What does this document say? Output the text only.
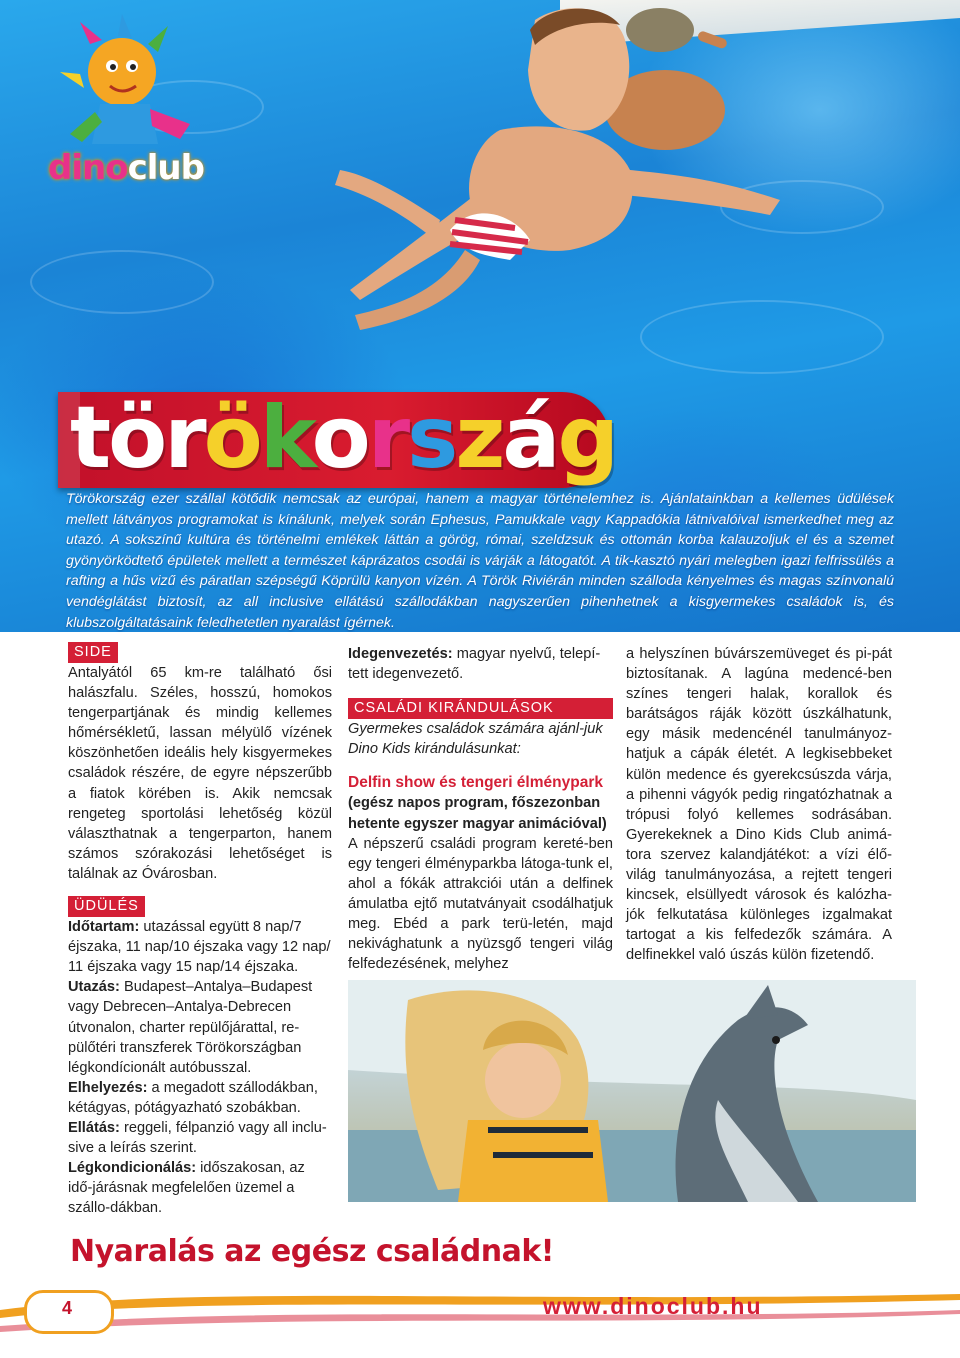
dinoclub
törökország
Törökország ezer szállal kötődik nemcsak az európai, hanem a magyar történelemhez is. Ajánlatainkban a kellemes üdülések mellett látványos programokat is kínálunk, melyek során Ephesus, Pamukkale vagy Kappadókia látnivalóival ismerkedhet meg az utazó. A sokszínű kultúra és történelmi emlékek láttán a görög, római, szeldzsuk és ottomán korba kalauzoljuk el és a szemet gyönyörködtető épületek mellett a természet káprázatos csodái is várják a látogatót. A tik-kasztó nyári melegben igazi felfrissülés a rafting a hűs vizű és páratlan szépségű Köprülü kanyon vízén. A Török Riviérán minden szálloda kényelmes és magas színvonalú vendéglátást biztosít, az all inclusive ellátású szállodákban nagyszerűen pihenhetnek a kisgyermekes családok is, és klubszolgáltatásaink feledhetetlen nyaralást ígérnek.
SIDE

Antalyától 65 km-re található ősi halászfalu. Széles, hosszú, homokos tengerpartjának és mindig kellemes hőmérsékletű, lassan mélyülő vízének köszönhetően ideális hely kisgyermekes családok részére, de egyre népszerűbb a fiatok körében is. Akik nemcsak rengeteg sportolási lehetőség közül választhatnak a tengerparton, hanem számos szórakozási lehetőséget is találnak az Óvárosban.

ÜDÜLÉS

Időtartam: utazással együtt 8 nap/7 éjszaka, 11 nap/10 éjszaka vagy 12 nap/ 11 éjszaka vagy 15 nap/14 éjszaka.

Utazás: Budapest–Antalya–Budapest vagy Debrecen–Antalya-Debrecen útvonalon, charter repülőjárattal, re-pülőtéri transzferek Törökországban légkondícionált autóbusszal.

Elhelyezés: a megadott szállodákban, kétágyas, pótágyazható szobákban.

Ellátás: reggeli, félpanzió vagy all inclu-sive a leírás szerint.

Légkondicionálás: időszakosan, az idő-járásnak megfelelően üzemel a szállo-dákban.

Idegenvezetés: magyar nyelvű, telepí-tett idegenvezető.

CSALÁDI KIRÁNDULÁSOK

Gyermekes családok számára ajánl-juk Dino Kids kirándulásunkat:

Delfin show és tengeri élménypark

(egész napos program, főszezonban hetente egyszer magyar animációval)

A népszerű családi program kereté-ben egy tengeri élményparkba látoga-tunk el, ahol a fókák attrakciói után a delfinek ámulatba ejtő mutatványait csodálhatjuk meg. Ebéd a park terü-letén, majd nekivághatunk a nyüzsgő tengeri világ felfedezésének, melyhez

a helyszínen búvárszemüveget és pi-pát biztosítanak. A lagúna medencé-ben színes tengeri halak, korallok és barátságos ráják között úszkálhatunk, egy másik medencénél tanulmányoz-hatjuk a cápák életét. A legkisebbeket külön medence és gyerekcsúszda várja, a pihenni vágyók pedig ringatózhatnak a trópusi folyó kellemes sodrásában. Gyerekeknek a Dino Kids Club animá-tora szervez kalandjátékot: a vízi élő-világ tanulmányozása, a rejtett tengeri kincsek, elsüllyedt városok és kalózha-jók felkutatása különleges izgalmakat tartogat a kis felfedezők számára. A delfinekkel való úszás külön fizetendő.

Nyaralás az egész családnak!
4	www.dinoclub.hu
